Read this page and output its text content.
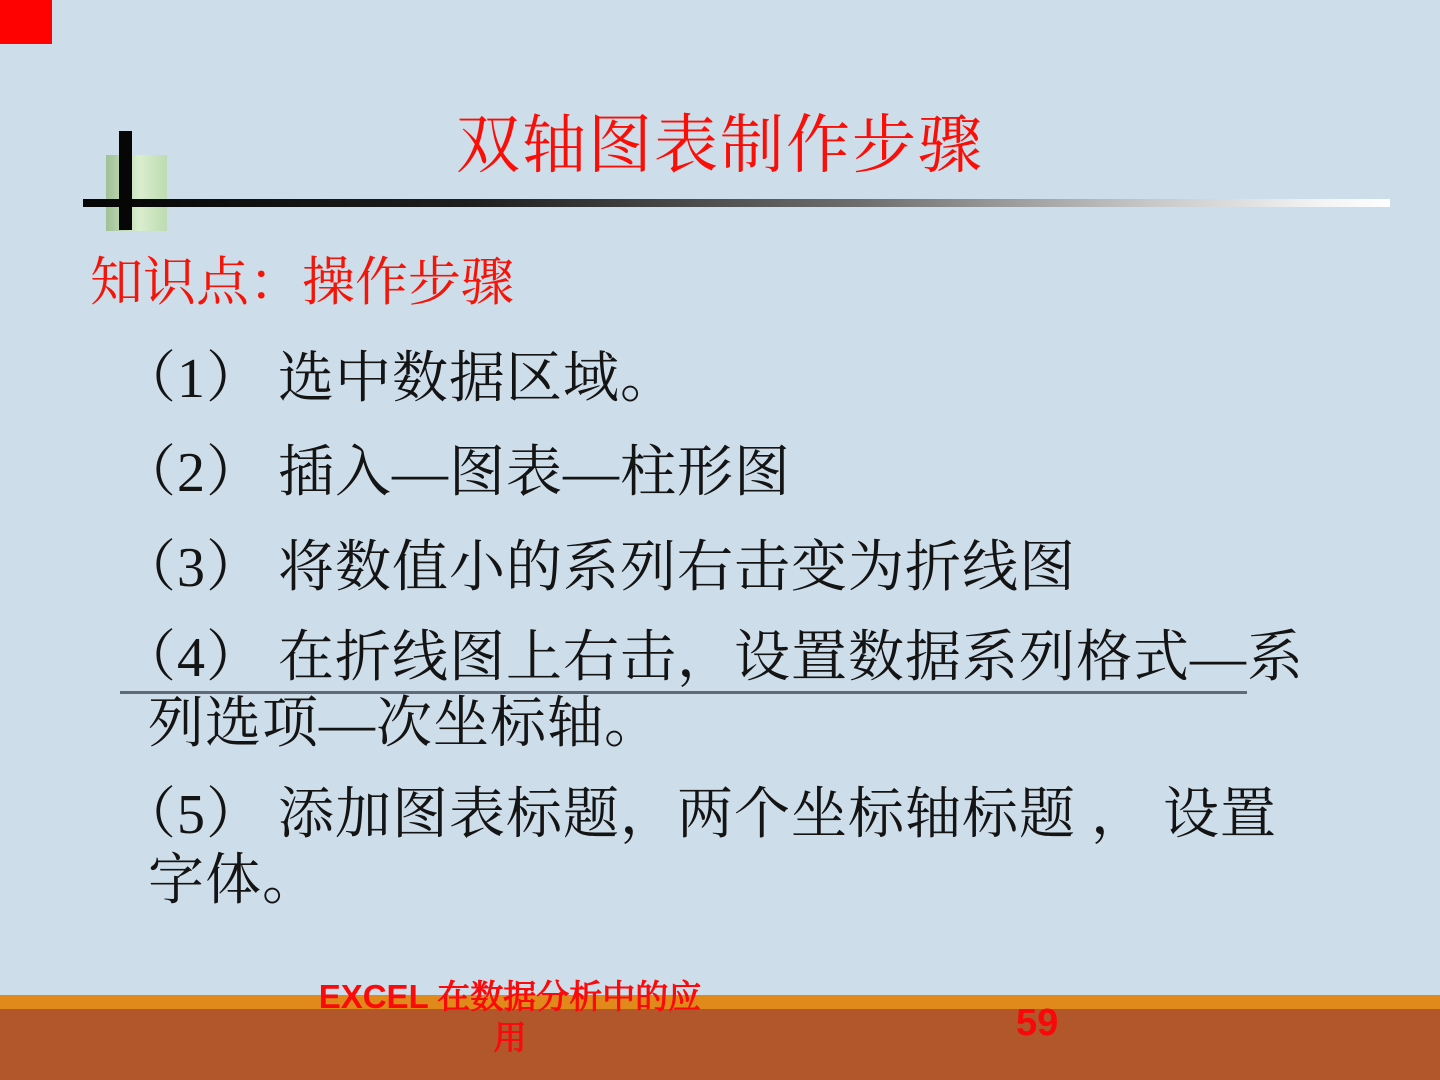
双轴图表制作步骤
知识点：操作步骤
（1） 选中数据区域。
（2） 插入—图表—柱形图
（3） 将数值小的系列右击变为折线图
（4） 在折线图上右击，设置数据系列格式—系
列选项—次坐标轴。
（5） 添加图表标题，两个坐标轴标题 ， 设置
字体。
EXCEL 在数据分析中的应
用	59
